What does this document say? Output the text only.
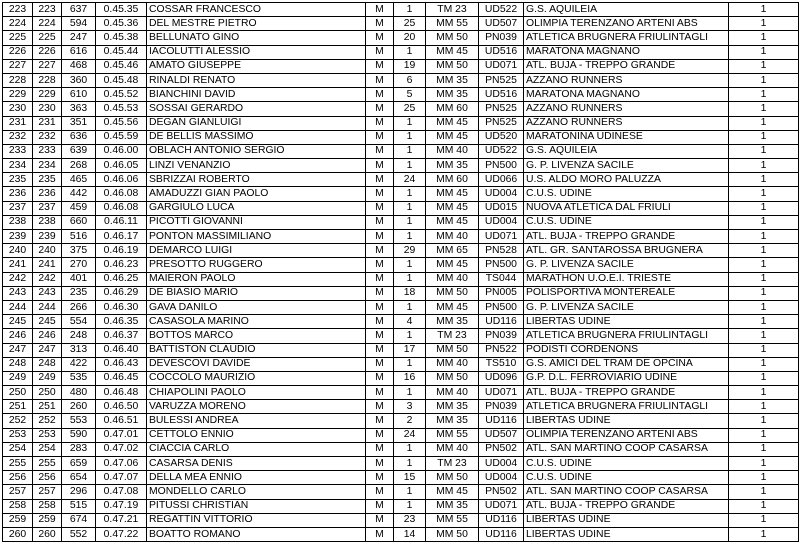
223	223	637	0.45.35	COSSAR FRANCESCO	M	1	TM 23	UD522	G.S. AQUILEIA	1
224	224	594	0.45.36	DEL MESTRE PIETRO	M	25	MM 55	UD507	OLIMPIA TERENZANO ARTENI ABS	1
225	225	247	0.45.38	BELLUNATO GINO	M	20	MM 50	PN039	ATLETICA BRUGNERA FRIULINTAGLI	1
226	226	616	0.45.44	IACOLUTTI ALESSIO	M	1	MM 45	UD516	MARATONA MAGNANO	1
227	227	468	0.45.46	AMATO GIUSEPPE	M	19	MM 50	UD071	ATL. BUJA - TREPPO GRANDE	1
228	228	360	0.45.48	RINALDI RENATO	M	6	MM 35	PN525	AZZANO RUNNERS	1
229	229	610	0.45.52	BIANCHINI DAVID	M	5	MM 35	UD516	MARATONA MAGNANO	1
230	230	363	0.45.53	SOSSAI GERARDO	M	25	MM 60	PN525	AZZANO RUNNERS	1
231	231	351	0.45.56	DEGAN GIANLUIGI	M	1	MM 45	PN525	AZZANO RUNNERS	1
232	232	636	0.45.59	DE BELLIS MASSIMO	M	1	MM 45	UD520	MARATONINA UDINESE	1
233	233	639	0.46.00	OBLACH ANTONIO SERGIO	M	1	MM 40	UD522	G.S. AQUILEIA	1
234	234	268	0.46.05	LINZI VENANZIO	M	1	MM 35	PN500	G. P. LIVENZA SACILE	1
235	235	465	0.46.06	SBRIZZAI ROBERTO	M	24	MM 60	UD066	U.S. ALDO MORO PALUZZA	1
236	236	442	0.46.08	AMADUZZI GIAN PAOLO	M	1	MM 45	UD004	C.U.S. UDINE	1
237	237	459	0.46.08	GARGIULO LUCA	M	1	MM 45	UD015	NUOVA ATLETICA DAL FRIULI	1
238	238	660	0.46.11	PICOTTI GIOVANNI	M	1	MM 45	UD004	C.U.S. UDINE	1
239	239	516	0.46.17	PONTON MASSIMILIANO	M	1	MM 40	UD071	ATL. BUJA - TREPPO GRANDE	1
240	240	375	0.46.19	DEMARCO LUIGI	M	29	MM 65	PN528	ATL. GR. SANTAROSSA BRUGNERA	1
241	241	270	0.46.23	PRESOTTO RUGGERO	M	1	MM 45	PN500	G. P. LIVENZA SACILE	1
242	242	401	0.46.25	MAIERON PAOLO	M	1	MM 40	TS044	MARATHON U.O.E.I. TRIESTE	1
243	243	235	0.46.29	DE BIASIO MARIO	M	18	MM 50	PN005	POLISPORTIVA MONTEREALE	1
244	244	266	0.46.30	GAVA DANILO	M	1	MM 45	PN500	G. P. LIVENZA SACILE	1
245	245	554	0.46.35	CASASOLA MARINO	M	4	MM 35	UD116	LIBERTAS UDINE	1
246	246	248	0.46.37	BOTTOS MARCO	M	1	TM 23	PN039	ATLETICA BRUGNERA FRIULINTAGLI	1
247	247	313	0.46.40	BATTISTON CLAUDIO	M	17	MM 50	PN522	PODISTI CORDENONS	1
248	248	422	0.46.43	DEVESCOVI DAVIDE	M	1	MM 40	TS510	G.S. AMICI DEL TRAM DE OPCINA	1
249	249	535	0.46.45	COCCOLO MAURIZIO	M	16	MM 50	UD096	G.P. D.L. FERROVIARIO UDINE	1
250	250	480	0.46.48	CHIAPOLINI PAOLO	M	1	MM 40	UD071	ATL. BUJA - TREPPO GRANDE	1
251	251	260	0.46.50	VARUZZA MORENO	M	3	MM 35	PN039	ATLETICA BRUGNERA FRIULINTAGLI	1
252	252	553	0.46.51	BULESSI ANDREA	M	2	MM 35	UD116	LIBERTAS UDINE	1
253	253	590	0.47.01	CETTOLO ENNIO	M	24	MM 55	UD507	OLIMPIA TERENZANO ARTENI ABS	1
254	254	283	0.47.02	CIACCIA CARLO	M	1	MM 40	PN502	ATL. SAN MARTINO COOP CASARSA	1
255	255	659	0.47.06	CASARSA DENIS	M	1	TM 23	UD004	C.U.S. UDINE	1
256	256	654	0.47.07	DELLA MEA ENNIO	M	15	MM 50	UD004	C.U.S. UDINE	1
257	257	296	0.47.08	MONDELLO CARLO	M	1	MM 45	PN502	ATL. SAN MARTINO COOP CASARSA	1
258	258	515	0.47.19	PITUSSI CHRISTIAN	M	1	MM 35	UD071	ATL. BUJA - TREPPO GRANDE	1
259	259	674	0.47.21	REGATTIN VITTORIO	M	23	MM 55	UD116	LIBERTAS UDINE	1
260	260	552	0.47.22	BOATTO ROMANO	M	14	MM 50	UD116	LIBERTAS UDINE	1
